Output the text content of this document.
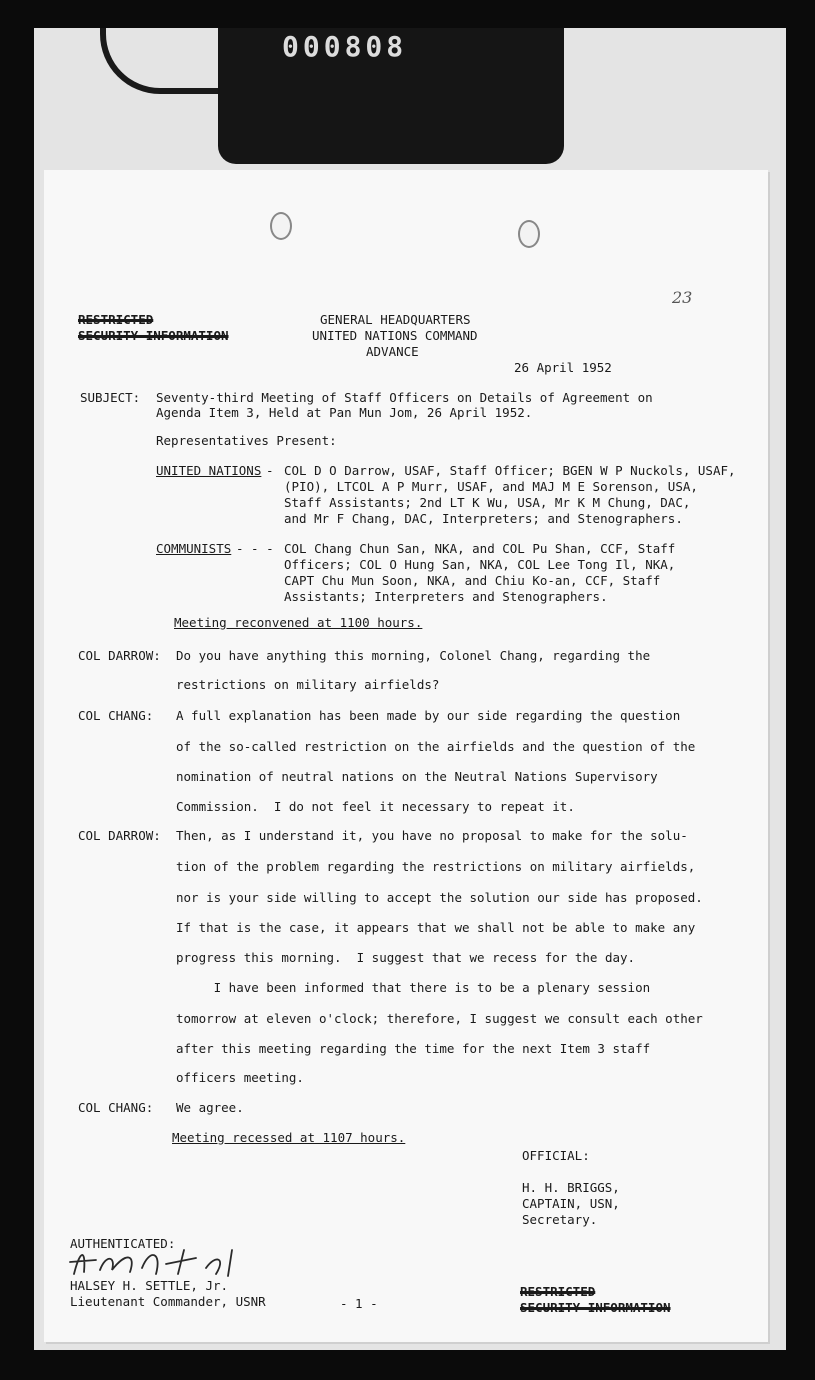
000808
23
RESTRICTED
SECURITY INFORMATION
GENERAL HEADQUARTERS
UNITED NATIONS COMMAND
ADVANCE
26 April 1952
SUBJECT: Seventy-third Meeting of Staff Officers on Details of Agreement on
Agenda Item 3, Held at Pan Mun Jom, 26 April 1952.
Representatives Present:
UNITED NATIONS - COL D O Darrow, USAF, Staff Officer; BGEN W P Nuckols, USAF,
(PIO), LTCOL A P Murr, USAF, and MAJ M E Sorenson, USA,
Staff Assistants; 2nd LT K Wu, USA, Mr K M Chung, DAC,
and Mr F Chang, DAC, Interpreters; and Stenographers.
COMMUNISTS - - - COL Chang Chun San, NKA, and COL Pu Shan, CCF, Staff
Officers; COL O Hung San, NKA, COL Lee Tong Il, NKA,
CAPT Chu Mun Soon, NKA, and Chiu Ko-an, CCF, Staff
Assistants; Interpreters and Stenographers.
Meeting reconvened at 1100 hours.
COL DARROW: Do you have anything this morning, Colonel Chang, regarding the
restrictions on military airfields?
COL CHANG: A full explanation has been made by our side regarding the question
of the so-called restriction on the airfields and the question of the
nomination of neutral nations on the Neutral Nations Supervisory
Commission.  I do not feel it necessary to repeat it.
COL DARROW: Then, as I understand it, you have no proposal to make for the solu-
tion of the problem regarding the restrictions on military airfields,
nor is your side willing to accept the solution our side has proposed.
If that is the case, it appears that we shall not be able to make any
progress this morning.  I suggest that we recess for the day.
I have been informed that there is to be a plenary session
tomorrow at eleven o'clock; therefore, I suggest we consult each other
after this meeting regarding the time for the next Item 3 staff
officers meeting.
COL CHANG: We agree.
Meeting recessed at 1107 hours.
OFFICIAL:
H. H. BRIGGS,
CAPTAIN, USN,
Secretary.
AUTHENTICATED:
HALSEY H. SETTLE, Jr.
Lieutenant Commander, USNR	- 1 -
RESTRICTED
SECURITY INFORMATION
